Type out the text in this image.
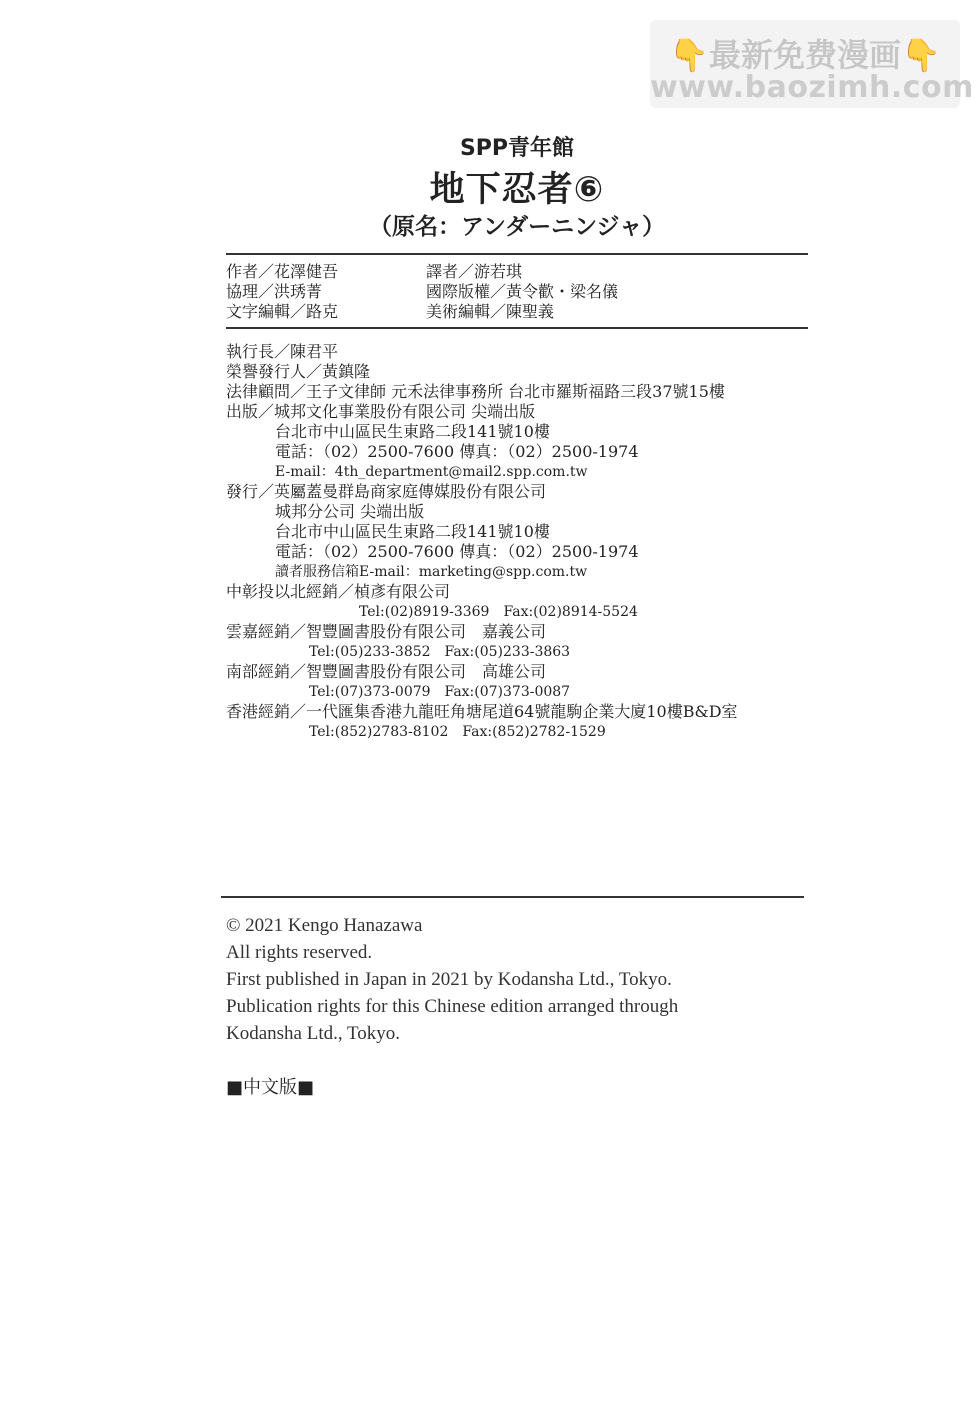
👇最新免费漫画👇
www.baozimh.com
SPP青年館
地下忍者⑥
（原名：アンダーニンジャ）
作者／花澤健吾
協理／洪琇菁
文字編輯／路克
譯者／游若琪
國際版權／黃令歡・梁名儀
美術編輯／陳聖義
執行長／陳君平
榮譽發行人／黃鎮隆
法律顧問／王子文律師 元禾法律事務所 台北市羅斯福路三段37號15樓
出版／城邦文化事業股份有限公司 尖端出版
台北市中山區民生東路二段141號10樓
電話：（02）2500-7600 傳真：（02）2500-1974
E-mail：4th_department@mail2.spp.com.tw
發行／英屬蓋曼群島商家庭傳媒股份有限公司
城邦分公司 尖端出版
台北市中山區民生東路二段141號10樓
電話：（02）2500-7600 傳真：（02）2500-1974
讀者服務信箱E-mail：marketing@spp.com.tw
中彰投以北經銷／楨彥有限公司
Tel:(02)8919-3369　Fax:(02)8914-5524
雲嘉經銷／智豐圖書股份有限公司　嘉義公司
Tel:(05)233-3852　Fax:(05)233-3863
南部經銷／智豐圖書股份有限公司　高雄公司
Tel:(07)373-0079　Fax:(07)373-0087
香港經銷／一代匯集香港九龍旺角塘尾道64號龍駒企業大廈10樓B&D室
Tel:(852)2783-8102　Fax:(852)2782-1529
© 2021 Kengo Hanazawa
All rights reserved.
First published in Japan in 2021 by Kodansha Ltd., Tokyo.
Publication rights for this Chinese edition arranged through
Kodansha Ltd., Tokyo.
■中文版■
